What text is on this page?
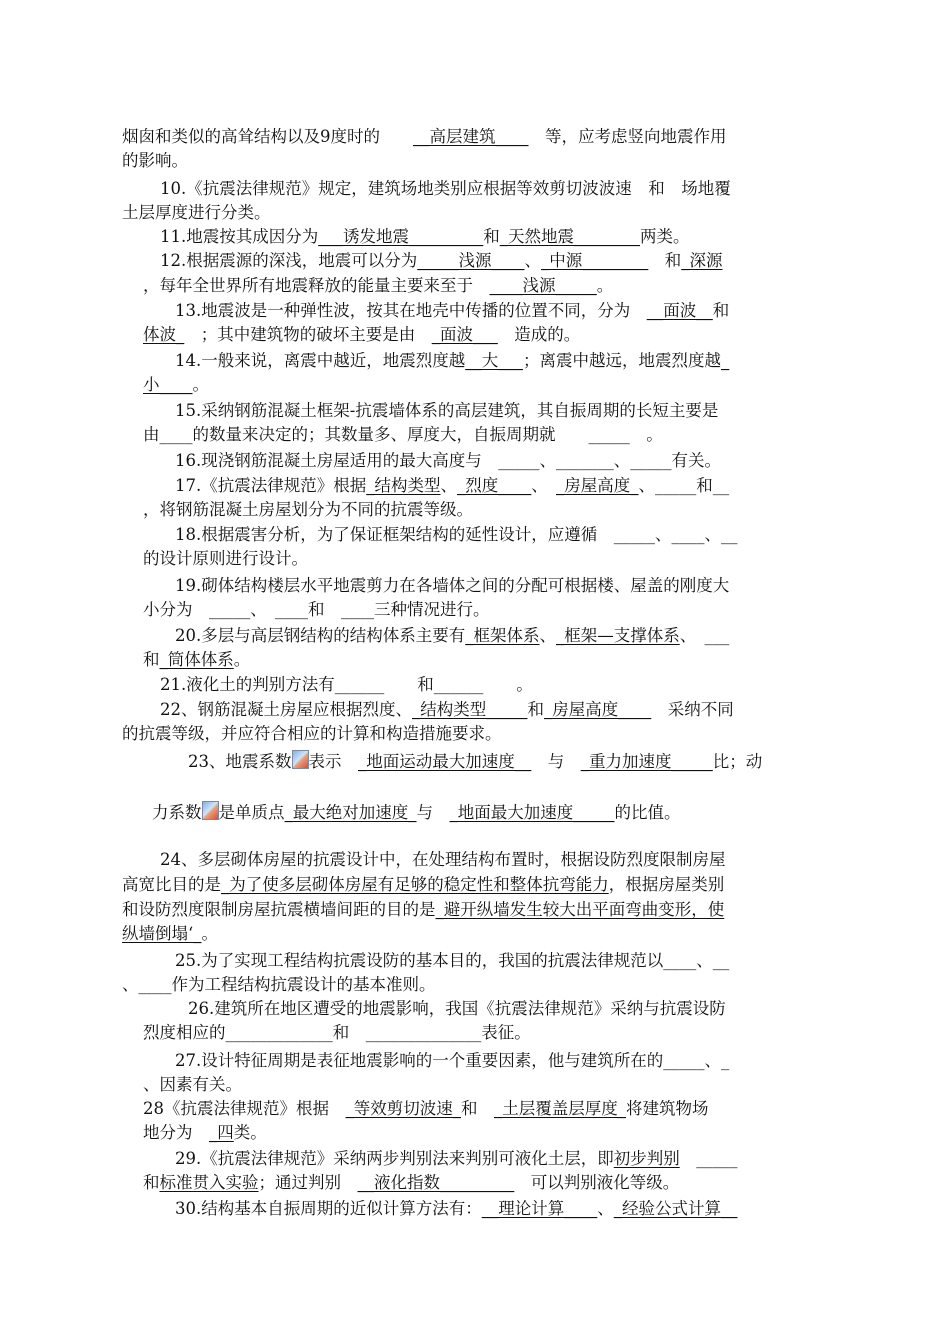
烟囱和类似的高耸结构以及9度时的　　__高层建筑____　等，应考虑竖向地震作用
的影响。
10.《抗震法律规范》规定，建筑场地类别应根据等效剪切波波速　和　场地覆
土层厚度进行分类。
11.地震按其成因分为___诱发地震_________和_天然地震________两类。
12.根据震源的深浅，地震可以分为_____浅源____、_中源________　和_深源
，每年全世界所有地震释放的能量主要来至于　____浅源_____。
13.地震波是一种弹性波，按其在地壳中传播的位置不同，分为　__面波__和
体波_　；其中建筑物的破坏主要是由　_面波___　造成的。
14.一般来说，离震中越近，地震烈度越__大___；离震中越远，地震烈度越_
小____。
15.采纳钢筋混凝土框架-抗震墙体系的高层建筑，其自振周期的长短主要是
由____的数量来决定的；其数量多、厚度大，自振周期就　　_____　。
16.现浇钢筋混凝土房屋适用的最大高度与　_____、_______、_____有关。
17.《抗震法律规范》根据_结构类型、_烈度____、　_房屋高度_、_____和__
，将钢筋混凝土房屋划分为不同的抗震等级。
18.根据震害分析，为了保证框架结构的延性设计，应遵循　_____、____、__
的设计原则进行设计。
19.砌体结构楼层水平地震剪力在各墙体之间的分配可根据楼、屋盖的刚度大
小分为　_____、　____和　____三种情况进行。
20.多层与高层钢结构的结构体系主要有_框架体系、_框架—支撑体系、　___
和_筒体体系。
21.液化土的判别方法有______　　和______　　。
22、钢筋混凝土房屋应根据烈度、_结构类型_____和_房屋高度____　采纳不同
的抗震等级，并应符合相应的计算和构造措施要求。
23、地震系数 表示　_地面运动最大加速度__　与　_重力加速度_____比；动
力系数 是单质点_最大绝对加速度_与　_地面最大加速度_____的比值。
24、多层砌体房屋的抗震设计中，在处理结构布置时，根据设防烈度限制房屋
高宽比目的是_为了使多层砌体房屋有足够的稳定性和整体抗弯能力，根据房屋类别
和设防烈度限制房屋抗震横墙间距的目的是_避开纵墙发生较大出平面弯曲变形，使
纵墙倒塌‘_。
25.为了实现工程结构抗震设防的基本目的，我国的抗震法律规范以____、__
、____作为工程结构抗震设计的基本准则。
26.建筑所在地区遭受的地震影响，我国《抗震法律规范》采纳与抗震设防
烈度相应的_____________和　______________表征。
27.设计特征周期是表征地震影响的一个重要因素，他与建筑所在的_____、_
、因素有关。
28《抗震法律规范》根据　_等效剪切波速_和　_土层覆盖层厚度_将建筑物场
地分为　_四类。
29.《抗震法律规范》采纳两步判别法来判别可液化土层，即初步判别　_____
和标准贯入实验；通过判别　__液化指数_________　可以判别液化等级。
30.结构基本自振周期的近似计算方法有：__理论计算____、_经验公式计算__
